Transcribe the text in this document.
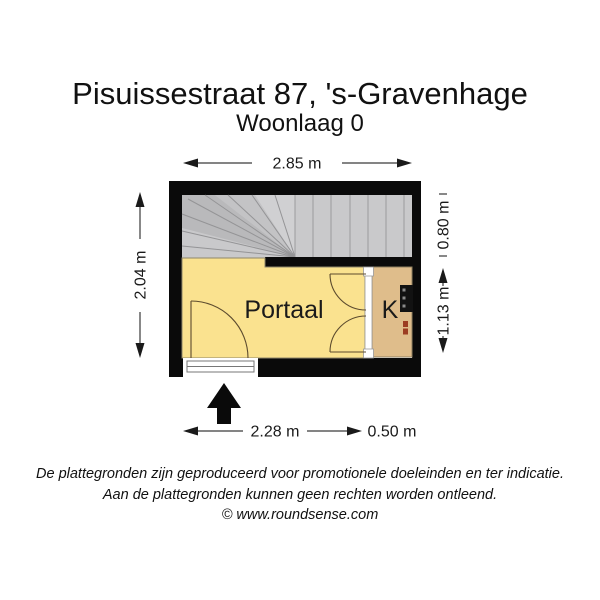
Pisuissestraat 87, 's-Gravenhage
Woonlaag 0
2.85 m
2.04 m
0.80 m
1.13 m
Portaal K
2.28 m	0.50 m
De plattegronden zijn geproduceerd voor promotionele doeleinden en ter indicatie.
Aan de plattegronden kunnen geen rechten worden ontleend.
© www.roundsense.com
